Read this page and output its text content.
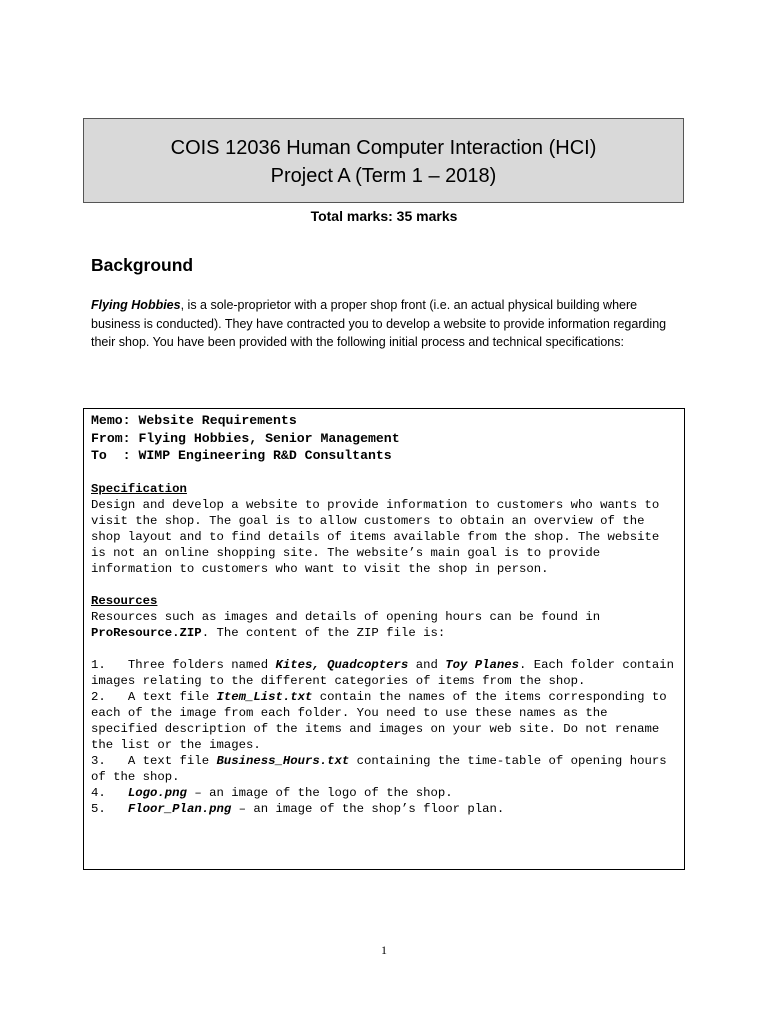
COIS 12036 Human Computer Interaction (HCI)

Project A (Term 1 – 2018)

Total marks: 35 marks
Background

Flying Hobbies, is a sole-proprietor with a proper shop front (i.e. an actual physical building where business is conducted). They have contracted you to develop a website to provide information regarding their shop. You have been provided with the following initial process and technical specifications:

Memo: Website Requirements

From: Flying Hobbies, Senior Management

To  : WIMP Engineering R&D Consultants

Specification

Design and develop a website to provide information to customers who wants to visit the shop. The goal is to allow customers to obtain an overview of the shop layout and to find details of items available from the shop. The website is not an online shopping site. The website’s main goal is to provide information to customers who want to visit the shop in person.

Resources

Resources such as images and details of opening hours can be found in ProResource.ZIP. The content of the ZIP file is:

1.   Three folders named Kites, Quadcopters and Toy Planes. Each folder contain images relating to the different categories of items from the shop.

2.   A text file Item_List.txt contain the names of the items corresponding to each of the image from each folder. You need to use these names as the specified description of the items and images on your web site. Do not rename the list or the images.

3.   A text file Business_Hours.txt containing the time-table of opening hours of the shop.

4.   Logo.png – an image of the logo of the shop.

5.   Floor_Plan.png – an image of the shop’s floor plan.

1
